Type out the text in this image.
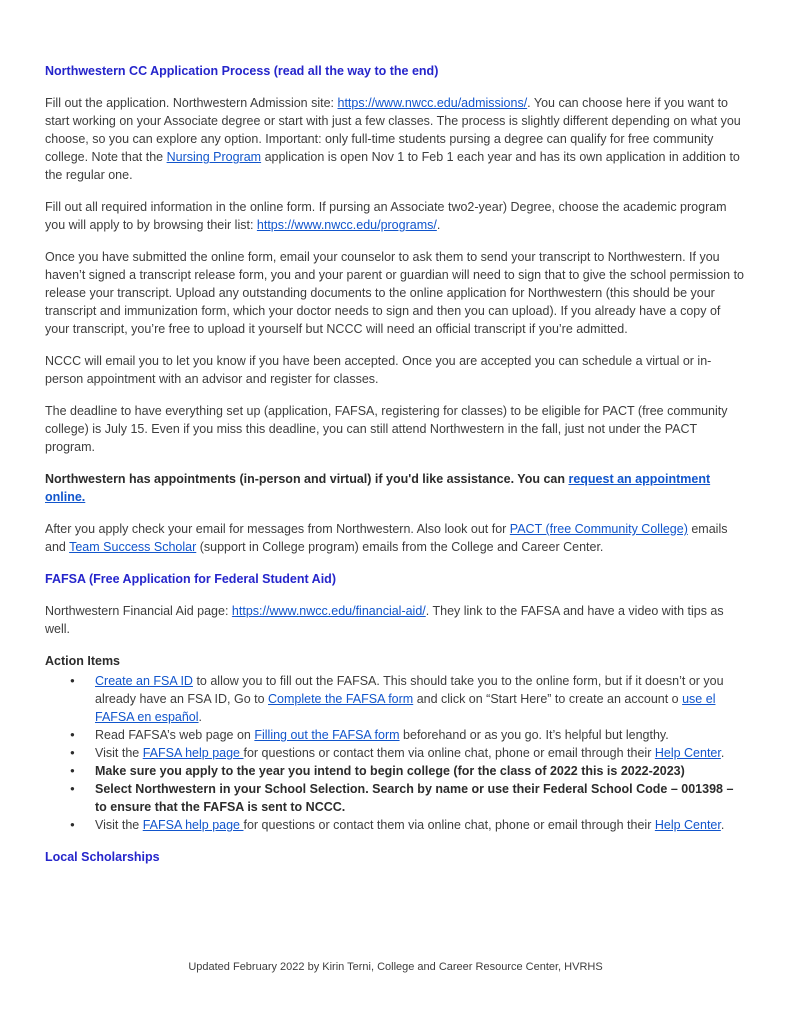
Northwestern CC Application Process (read all the way to the end)

Fill out the application. Northwestern Admission site: https://www.nwcc.edu/admissions/. You can choose here if you want to start working on your Associate degree or start with just a few classes. The process is slightly different depending on what you choose, so you can explore any option. Important: only full-time students pursing a degree can qualify for free community college. Note that the Nursing Program application is open Nov 1 to Feb 1 each year and has its own application in addition to the regular one.

Fill out all required information in the online form. If pursing an Associate two2-year) Degree, choose the academic program you will apply to by browsing their list: https://www.nwcc.edu/programs/.

Once you have submitted the online form, email your counselor to ask them to send your transcript to Northwestern. If you haven’t signed a transcript release form, you and your parent or guardian will need to sign that to give the school permission to release your transcript. Upload any outstanding documents to the online application for Northwestern (this should be your transcript and immunization form, which your doctor needs to sign and then you can upload). If you already have a copy of your transcript, you’re free to upload it yourself but NCCC will need an official transcript if you’re admitted.

NCCC will email you to let you know if you have been accepted. Once you are accepted you can schedule a virtual or in-person appointment with an advisor and register for classes.

The deadline to have everything set up (application, FAFSA, registering for classes) to be eligible for PACT (free community college) is July 15. Even if you miss this deadline, you can still attend Northwestern in the fall, just not under the PACT program.

Northwestern has appointments (in-person and virtual) if you'd like assistance. You can request an appointment online.

After you apply check your email for messages from Northwestern. Also look out for PACT (free Community College) emails and Team Success Scholar (support in College program) emails from the College and Career Center.

FAFSA (Free Application for Federal Student Aid)

Northwestern Financial Aid page: https://www.nwcc.edu/financial-aid/. They link to the FAFSA and have a video with tips as well.

Action Items
●	Create an FSA ID to allow you to fill out the FAFSA. This should take you to the online form, but if it doesn’t or you already have an FSA ID, Go to Complete the FAFSA form and click on “Start Here” to create an account o use el FAFSA en español.
●	Read FAFSA’s web page on Filling out the FAFSA form beforehand or as you go. It’s helpful but lengthy.
●	Visit the FAFSA help page for questions or contact them via online chat, phone or email through their Help Center.
●	Make sure you apply to the year you intend to begin college (for the class of 2022 this is 2022-2023)
●	Select Northwestern in your School Selection. Search by name or use their Federal School Code – 001398 – to ensure that the FAFSA is sent to NCCC.
●	Visit the FAFSA help page for questions or contact them via online chat, phone or email through their Help Center.
Local Scholarships
Updated February 2022 by Kirin Terni, College and Career Resource Center, HVRHS
